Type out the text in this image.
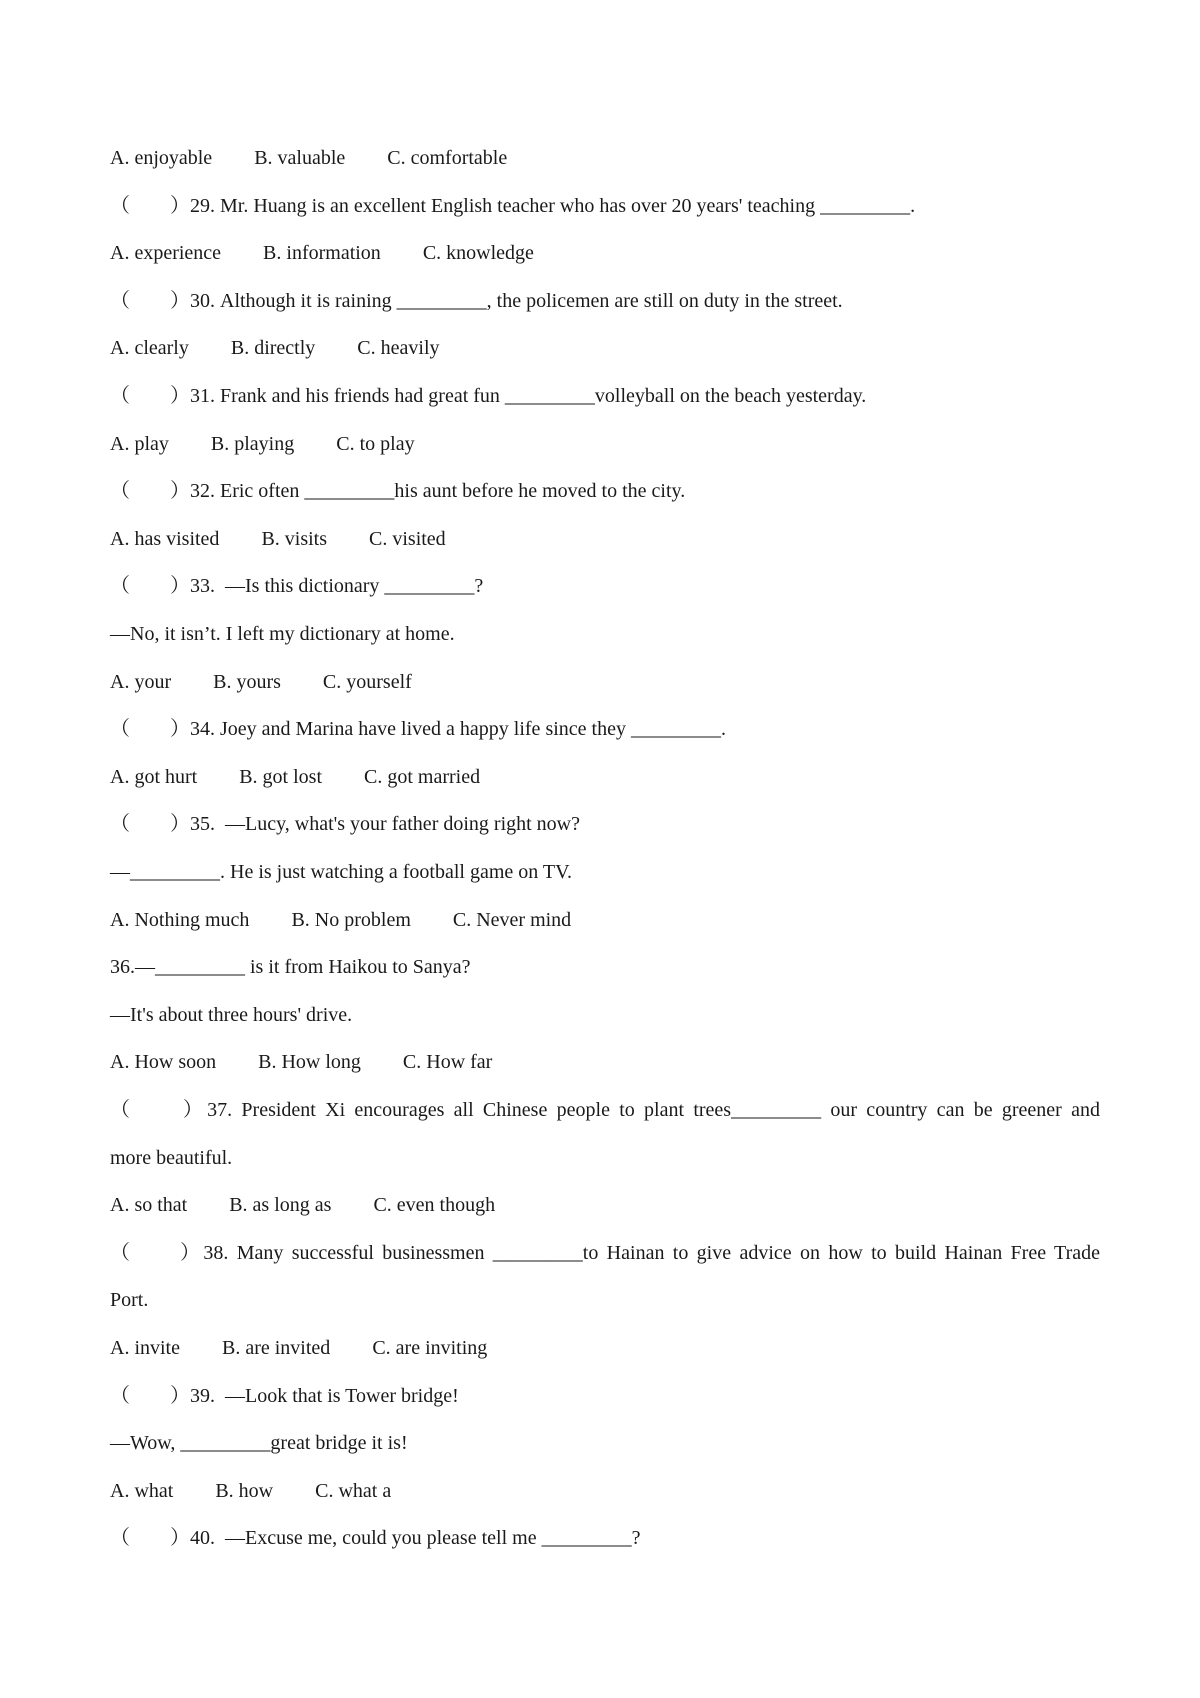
A. enjoyable B. valuable C. comfortable
（　　）29. Mr. Huang is an excellent English teacher who has over 20 years' teaching _________.
A. experience B. information C. knowledge
（　　）30. Although it is raining _________, the policemen are still on duty in the street.
A. clearly B. directly C. heavily
（　　）31. Frank and his friends had great fun _________volleyball on the beach yesterday.
A. play B. playing C. to play
（　　）32. Eric often _________his aunt before he moved to the city.
A. has visited B. visits C. visited
（　　）33.  —Is this dictionary _________?
—No, it isn’t. I left my dictionary at home.
A. your B. yours C. yourself
（　　）34. Joey and Marina have lived a happy life since they _________.
A. got hurt B. got lost C. got married
（　　）35.  —Lucy, what's your father doing right now?
—_________. He is just watching a football game on TV.
A. Nothing much B. No problem C. Never mind
36.—_________ is it from Haikou to Sanya?
—It's about three hours' drive.
A. How soon B. How long C. How far
（　　）37. President Xi encourages all Chinese people to plant trees_________ our country can be greener and
more beautiful.
A. so that B. as long as C. even though
（　　）38. Many successful businessmen _________to Hainan to give advice on how to build Hainan Free Trade
Port.
A. invite B. are invited C. are inviting
（　　）39.  —Look that is Tower bridge!
—Wow, _________great bridge it is!
A. what B. how C. what a
（　　）40.  —Excuse me, could you please tell me _________?
